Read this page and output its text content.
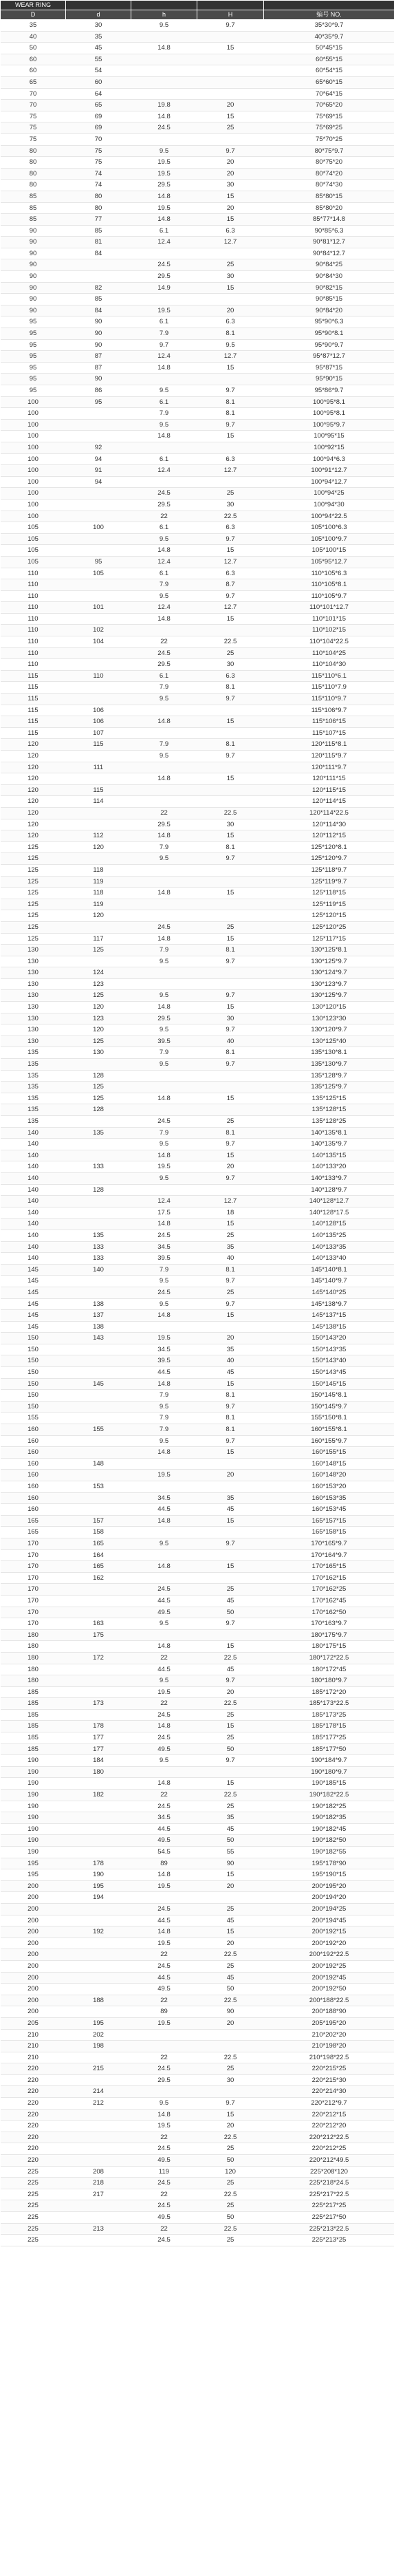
WEAR RING				
D	d	h	H	编号 NO.
35	30	9.5	9.7	35*30*9.7
40	35			40*35*9.7
50	45	14.8	15	50*45*15
60	55			60*55*15
60	54			60*54*15
65	60			65*60*15
70	64			70*64*15
70	65	19.8	20	70*65*20
75	69	14.8	15	75*69*15
75	69	24.5	25	75*69*25
75	70			75*70*25
80	75	9.5	9.7	80*75*9.7
80	75	19.5	20	80*75*20
80	74	19.5	20	80*74*20
80	74	29.5	30	80*74*30
85	80	14.8	15	85*80*15
85	80	19.5	20	85*80*20
85	77	14.8	15	85*77*14.8
90	85	6.1	6.3	90*85*6.3
90	81	12.4	12.7	90*81*12.7
90	84			90*84*12.7
90		24.5	25	90*84*25
90		29.5	30	90*84*30
90	82	14.9	15	90*82*15
90	85			90*85*15
90	84	19.5	20	90*84*20
95	90	6.1	6.3	95*90*6.3
95	90	7.9	8.1	95*90*8.1
95	90	9.7	9.5	95*90*9.7
95	87	12.4	12.7	95*87*12.7
95	87	14.8	15	95*87*15
95	90			95*90*15
95	86	9.5	9.7	95*86*9.7
100	95	6.1	8.1	100*95*8.1
100		7.9	8.1	100*95*8.1
100		9.5	9.7	100*95*9.7
100		14.8	15	100*95*15
100	92			100*92*15
100	94	6.1	6.3	100*94*6.3
100	91	12.4	12.7	100*91*12.7
100	94			100*94*12.7
100		24.5	25	100*94*25
100		29.5	30	100*94*30
100		22	22.5	100*94*22.5
105	100	6.1	6.3	105*100*6.3
105		9.5	9.7	105*100*9.7
105		14.8	15	105*100*15
105	95	12.4	12.7	105*95*12.7
110	105	6.1	6.3	110*105*6.3
110		7.9	8.7	110*105*8.1
110		9.5	9.7	110*105*9.7
110	101	12.4	12.7	110*101*12.7
110		14.8	15	110*101*15
110	102			110*102*15
110	104	22	22.5	110*104*22.5
110		24.5	25	110*104*25
110		29.5	30	110*104*30
115	110	6.1	6.3	115*110*6.1
115		7.9	8.1	115*110*7.9
115		9.5	9.7	115*110*9.7
115	106			115*106*9.7
115	106	14.8	15	115*106*15
115	107			115*107*15
120	115	7.9	8.1	120*115*8.1
120		9.5	9.7	120*115*9.7
120	111			120*111*9.7
120		14.8	15	120*111*15
120	115			120*115*15
120	114			120*114*15
120		22	22.5	120*114*22.5
120		29.5	30	120*114*30
120	112	14.8	15	120*112*15
125	120	7.9	8.1	125*120*8.1
125		9.5	9.7	125*120*9.7
125	118			125*118*9.7
125	119			125*119*9.7
125	118	14.8	15	125*118*15
125	119			125*119*15
125	120			125*120*15
125		24.5	25	125*120*25
125	117	14.8	15	125*117*15
130	125	7.9	8.1	130*125*8.1
130		9.5	9.7	130*125*9.7
130	124			130*124*9.7
130	123			130*123*9.7
130	125	9.5	9.7	130*125*9.7
130	120	14.8	15	130*120*15
130	123	29.5	30	130*123*30
130	120	9.5	9.7	130*120*9.7
130	125	39.5	40	130*125*40
135	130	7.9	8.1	135*130*8.1
135		9.5	9.7	135*130*9.7
135	128			135*128*9.7
135	125			135*125*9.7
135	125	14.8	15	135*125*15
135	128			135*128*15
135		24.5	25	135*128*25
140	135	7.9	8.1	140*135*8.1
140		9.5	9.7	140*135*9.7
140		14.8	15	140*135*15
140	133	19.5	20	140*133*20
140		9.5	9.7	140*133*9.7
140	128			140*128*9.7
140		12.4	12.7	140*128*12.7
140		17.5	18	140*128*17.5
140		14.8	15	140*128*15
140	135	24.5	25	140*135*25
140	133	34.5	35	140*133*35
140	133	39.5	40	140*133*40
145	140	7.9	8.1	145*140*8.1
145		9.5	9.7	145*140*9.7
145		24.5	25	145*140*25
145	138	9.5	9.7	145*138*9.7
145	137	14.8	15	145*137*15
145	138			145*138*15
150	143	19.5	20	150*143*20
150		34.5	35	150*143*35
150		39.5	40	150*143*40
150		44.5	45	150*143*45
150	145	14.8	15	150*145*15
150		7.9	8.1	150*145*8.1
150		9.5	9.7	150*145*9.7
155		7.9	8.1	155*150*8.1
160	155	7.9	8.1	160*155*8.1
160		9.5	9.7	160*155*9.7
160		14.8	15	160*155*15
160	148			160*148*15
160		19.5	20	160*148*20
160	153			160*153*20
160		34.5	35	160*153*35
160		44.5	45	160*153*45
165	157	14.8	15	165*157*15
165	158			165*158*15
170	165	9.5	9.7	170*165*9.7
170	164			170*164*9.7
170	165	14.8	15	170*165*15
170	162			170*162*15
170		24.5	25	170*162*25
170		44.5	45	170*162*45
170		49.5	50	170*162*50
170	163	9.5	9.7	170*163*9.7
180	175			180*175*9.7
180		14.8	15	180*175*15
180	172	22	22.5	180*172*22.5
180		44.5	45	180*172*45
180		9.5	9.7	180*180*9.7
185		19.5	20	185*172*20
185	173	22	22.5	185*173*22.5
185		24.5	25	185*173*25
185	178	14.8	15	185*178*15
185	177	24.5	25	185*177*25
185	177	49.5	50	185*177*50
190	184	9.5	9.7	190*184*9.7
190	180			190*180*9.7
190		14.8	15	190*185*15
190	182	22	22.5	190*182*22.5
190		24.5	25	190*182*25
190		34.5	35	190*182*35
190		44.5	45	190*182*45
190		49.5	50	190*182*50
190		54.5	55	190*182*55
195	178	89	90	195*178*90
195	190	14.8	15	195*190*15
200	195	19.5	20	200*195*20
200	194			200*194*20
200		24.5	25	200*194*25
200		44.5	45	200*194*45
200	192	14.8	15	200*192*15
200		19.5	20	200*192*20
200		22	22.5	200*192*22.5
200		24.5	25	200*192*25
200		44.5	45	200*192*45
200		49.5	50	200*192*50
200	188	22	22.5	200*188*22.5
200		89	90	200*188*90
205	195	19.5	20	205*195*20
210	202			210*202*20
210	198			210*198*20
210		22	22.5	210*198*22.5
220	215	24.5	25	220*215*25
220		29.5	30	220*215*30
220	214			220*214*30
220	212	9.5	9.7	220*212*9.7
220		14.8	15	220*212*15
220		19.5	20	220*212*20
220		22	22.5	220*212*22.5
220		24.5	25	220*212*25
220		49.5	50	220*212*49.5
225	208	119	120	225*208*120
225	218	24.5	25	225*218*24.5
225	217	22	22.5	225*217*22.5
225		24.5	25	225*217*25
225		49.5	50	225*217*50
225	213	22	22.5	225*213*22.5
225		24.5	25	225*213*25
